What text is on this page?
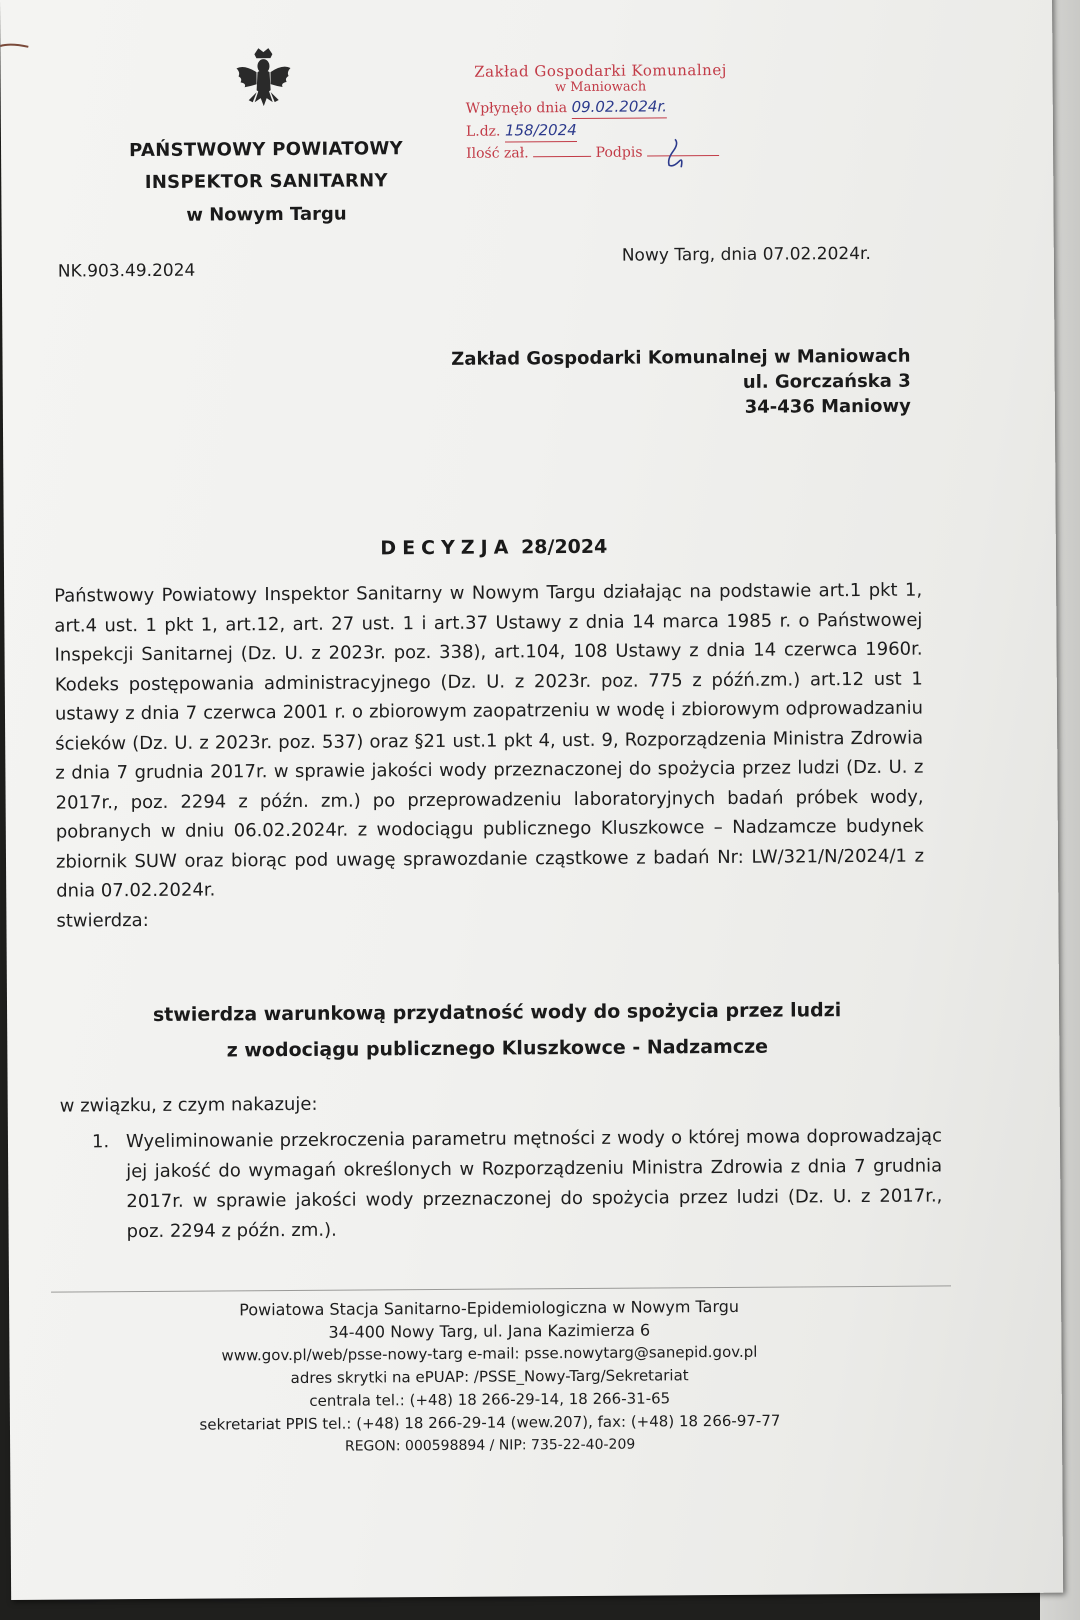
PAŃSTWOWY POWIATOWY
INSPEKTOR SANITARNY
w Nowym Targu
Zakład Gospodarki Komunalnej
w Maniowach
Wpłynęło dnia 09.02.2024r.
L.dz. 158/2024
Ilość zał.	Podpis
NK.903.49.2024
Nowy Targ, dnia 07.02.2024r.
Zakład Gospodarki Komunalnej w Maniowach
ul. Gorczańska 3
34-436 Maniowy
DECYZJA 28/2024
Państwowy Powiatowy Inspektor Sanitarny w Nowym Targu działając na podstawie art.1 pkt 1, art.4 ust. 1 pkt 1, art.12, art. 27 ust. 1 i art.37 Ustawy z dnia 14 marca 1985 r. o Państwowej Inspekcji Sanitarnej (Dz. U. z 2023r. poz. 338), art.104, 108 Ustawy z dnia 14 czerwca 1960r. Kodeks postępowania administracyjnego (Dz. U. z 2023r. poz. 775 z późń.zm.) art.12 ust 1 ustawy z dnia 7 czerwca 2001 r. o zbiorowym zaopatrzeniu w wodę i zbiorowym odprowadzaniu ścieków (Dz. U. z 2023r. poz. 537) oraz §21 ust.1 pkt 4, ust. 9, Rozporządzenia Ministra Zdrowia z dnia 7 grudnia 2017r. w sprawie jakości wody przeznaczonej do spożycia przez ludzi (Dz. U. z 2017r., poz. 2294 z późn. zm.) po przeprowadzeniu laboratoryjnych badań próbek wody, pobranych w dniu 06.02.2024r. z wodociągu publicznego Kluszkowce – Nadzamcze budynek zbiornik SUW oraz biorąc pod uwagę sprawozdanie cząstkowe z badań Nr: LW/321/N/2024/1 z dnia 07.02.2024r.
stwierdza:
stwierdza warunkową przydatność wody do spożycia przez ludzi
z wodociągu publicznego Kluszkowce - Nadzamcze
w związku, z czym nakazuje:
1. Wyeliminowanie przekroczenia parametru mętności z wody o której mowa doprowadzając jej jakość do wymagań określonych w Rozporządzeniu Ministra Zdrowia z dnia 7 grudnia 2017r. w sprawie jakości wody przeznaczonej do spożycia przez ludzi (Dz. U. z 2017r., poz. 2294 z późn. zm.).
Powiatowa Stacja Sanitarno-Epidemiologiczna w Nowym Targu
34-400 Nowy Targ, ul. Jana Kazimierza 6
www.gov.pl/web/psse-nowy-targ e-mail: psse.nowytarg@sanepid.gov.pl
adres skrytki na ePUAP: /PSSE_Nowy-Targ/Sekretariat
centrala tel.: (+48) 18 266-29-14, 18 266-31-65
sekretariat PPIS tel.: (+48) 18 266-29-14 (wew.207), fax: (+48) 18 266-97-77
REGON: 000598894 / NIP: 735-22-40-209
